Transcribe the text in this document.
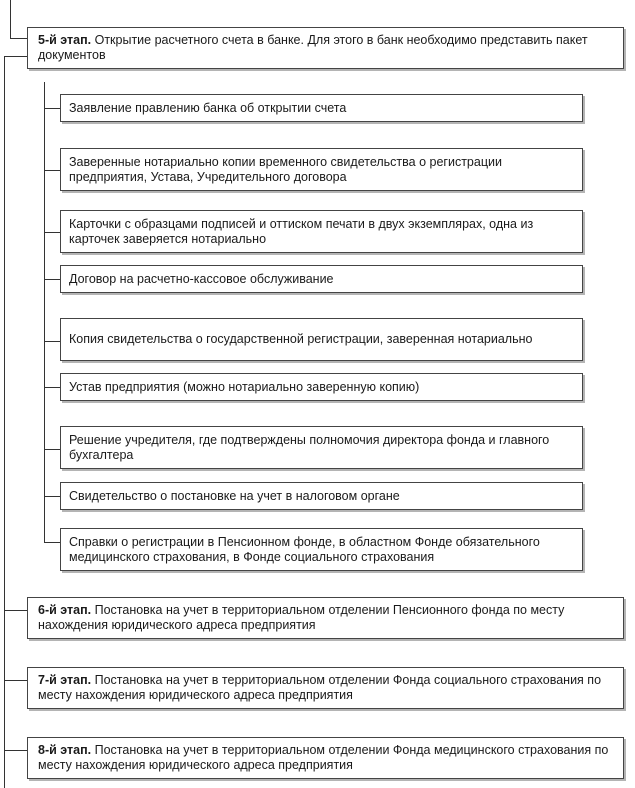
5-й этап. Открытие расчетного счета в банке. Для этого в банк необходимо представить пакет документов
Заявление правлению банка об открытии счета
Заверенные нотариально копии временного свидетельства о регистрации предприятия, Устава, Учредительного договора
Карточки с образцами подписей и оттиском печати в двух экземплярах, одна из карточек заверяется нотариально
Договор на расчетно-кассовое обслуживание
Копия свидетельства о государственной регистрации, заверенная нотариально
Устав предприятия (можно нотариально заверенную копию)
Решение учредителя, где подтверждены полномочия директора фонда и главного бухгалтера
Свидетельство о постановке на учет в налоговом органе
Справки о регистрации в Пенсионном фонде, в областном Фонде обязательного медицинского страхования, в Фонде социального страхования
6-й этап. Постановка на учет в территориальном отделении Пенсионного фонда по месту нахождения юридического адреса предприятия
7-й этап. Постановка на учет в территориальном отделении Фонда социального страхования по месту нахождения юридического адреса предприятия
8-й этап. Постановка на учет в территориальном отделении Фонда медицинского страхования по месту нахождения юридического адреса предприятия
